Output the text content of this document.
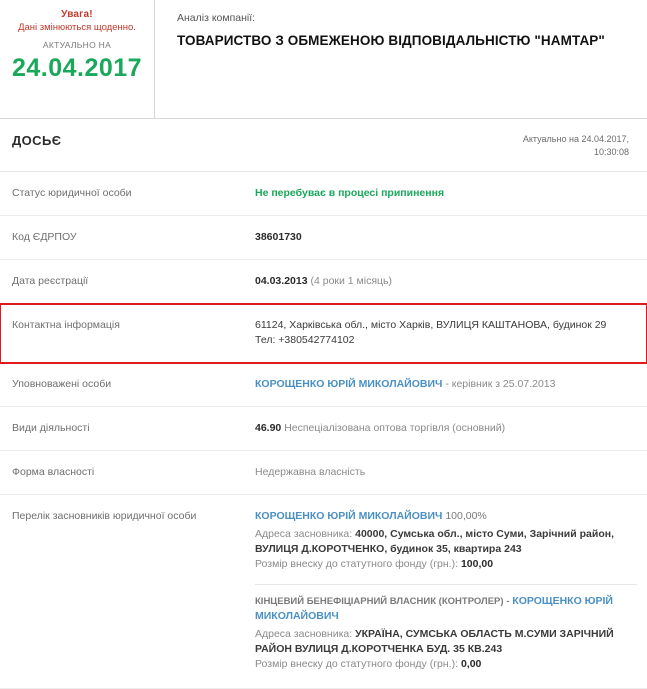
Увага!
Дані змінюються щоденно.
АКТУАЛЬНО НА
24.04.2017
Аналіз компанії:
ТОВАРИСТВО З ОБМЕЖЕНОЮ ВІДПОВІДАЛЬНІСТЮ "НАМТАР"
ДОСЬЄ	Актуально на 24.04.2017,
10:30:08
Статус юридичної особи	Не перебуває в процесі припинення
Код ЄДРПОУ	38601730
Дата реєстрації	04.03.2013 (4 роки 1 місяць)
Контактна інформація	61124, Харківська обл., місто Харків, ВУЛИЦЯ КАШТАНОВА, будинок 29
Тел: +380542774102

Уповноважені особи	КОРОЩЕНКО ЮРІЙ МИКОЛАЙОВИЧ - керівник з 25.07.2013
Види діяльності	46.90 Неспеціалізована оптова торгівля (основний)
Форма власності	Недержавна власність
Перелік засновників юридичної особи	КОРОЩЕНКО ЮРІЙ МИКОЛАЙОВИЧ 100,00%
Адреса засновника: 40000, Сумська обл., місто Суми, Зарічний район, ВУЛИЦЯ Д.КОРОТЧЕНКО, будинок 35, квартира 243
Розмір внеску до статутного фонду (грн.): 100,00
КІНЦЕВИЙ БЕНЕФІЦІАРНИЙ ВЛАСНИК (КОНТРОЛЕР) - КОРОЩЕНКО ЮРІЙ МИКОЛАЙОВИЧ
Адреса засновника: УКРАЇНА, СУМСЬКА ОБЛАСТЬ М.СУМИ ЗАРІЧНИЙ РАЙОН ВУЛИЦЯ Д.КОРОТЧЕНКА БУД. 35 КВ.243
Розмір внеску до статутного фонду (грн.): 0,00
